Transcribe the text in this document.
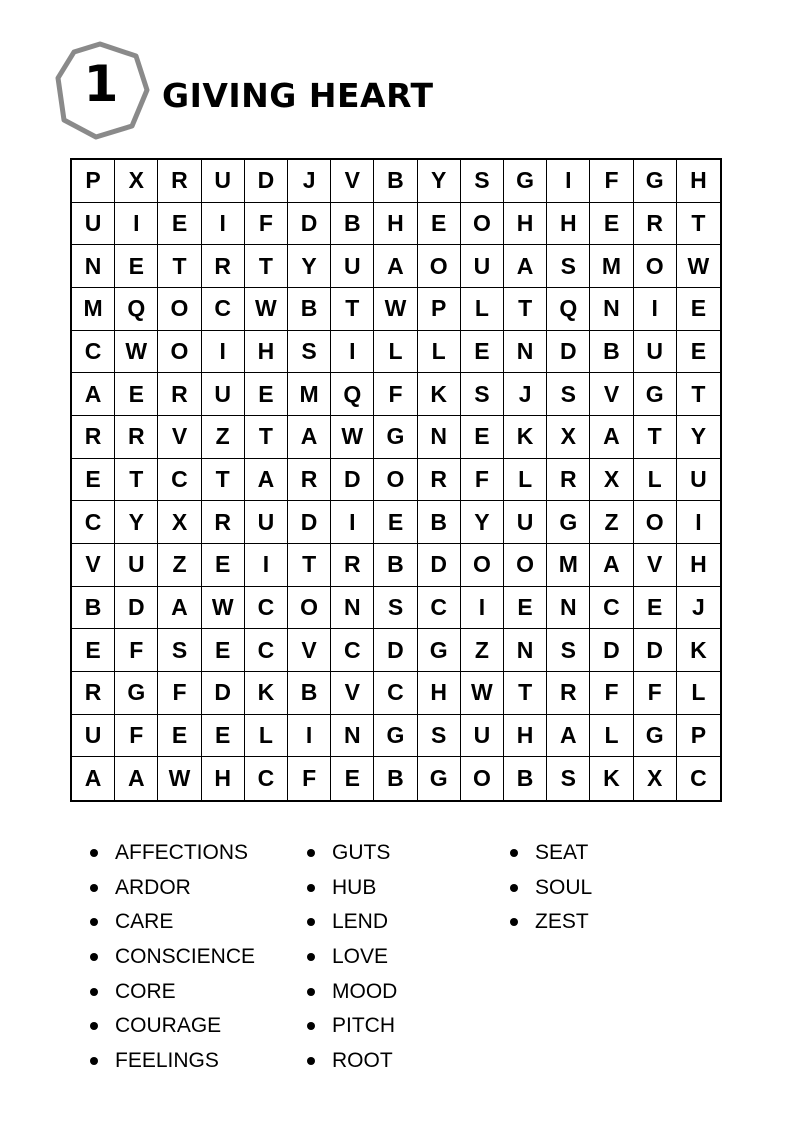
1	GIVING HEART
P	X	R	U	D	J	V	B	Y	S	G	I	F	G	H
U	I	E	I	F	D	B	H	E	O	H	H	E	R	T
N	E	T	R	T	Y	U	A	O	U	A	S	M	O	W
M	Q	O	C	W	B	T	W	P	L	T	Q	N	I	E
C	W	O	I	H	S	I	L	L	E	N	D	B	U	E
A	E	R	U	E	M	Q	F	K	S	J	S	V	G	T
R	R	V	Z	T	A	W	G	N	E	K	X	A	T	Y
E	T	C	T	A	R	D	O	R	F	L	R	X	L	U
C	Y	X	R	U	D	I	E	B	Y	U	G	Z	O	I
V	U	Z	E	I	T	R	B	D	O	O	M	A	V	H
B	D	A	W	C	O	N	S	C	I	E	N	C	E	J
E	F	S	E	C	V	C	D	G	Z	N	S	D	D	K
R	G	F	D	K	B	V	C	H	W	T	R	F	F	L
U	F	E	E	L	I	N	G	S	U	H	A	L	G	P
A	A	W	H	C	F	E	B	G	O	B	S	K	X	C
AFFECTIONS
ARDOR
CARE
CONSCIENCE
CORE
COURAGE
FEELINGS
GUTS
HUB
LEND
LOVE
MOOD
PITCH
ROOT
SEAT
SOUL
ZEST
